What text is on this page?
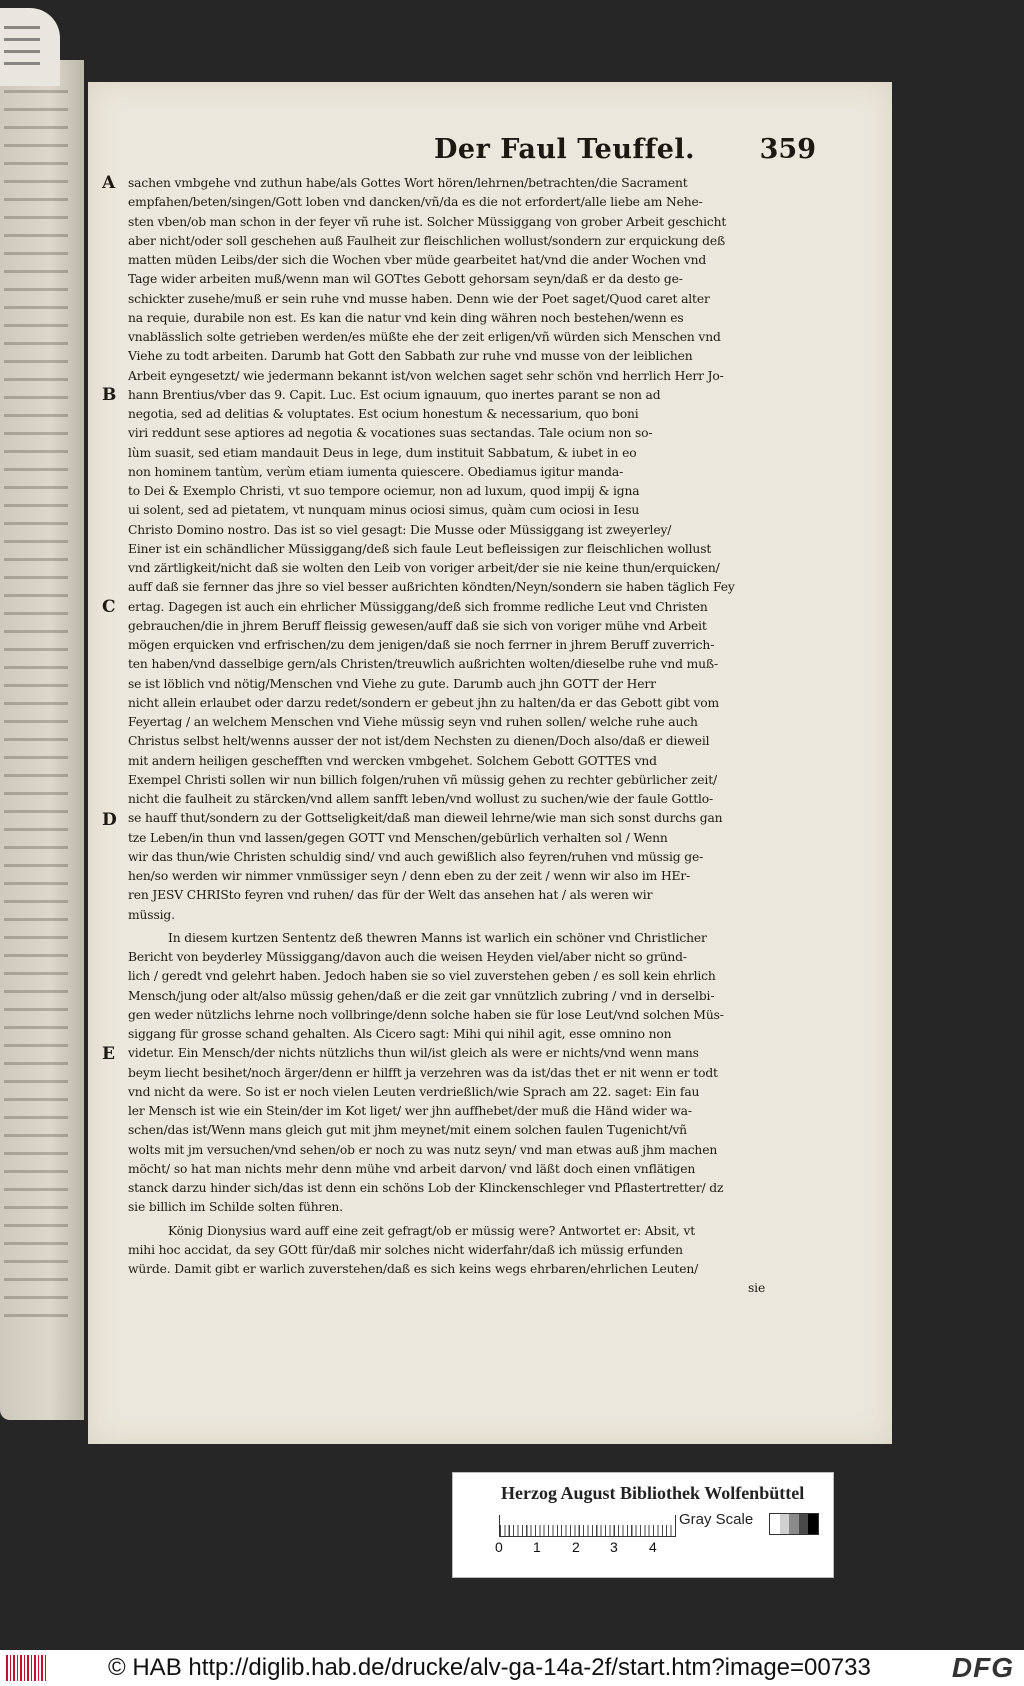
Der Faul Teuffel. 359
A
B
C
D
E
sachen vmbgehe vnd zuthun habe/als Gottes Wort hören/lehrnen/betrachten/die Sacrament
empfahen/beten/singen/Gott loben vnd dancken/vñ/da es die not erfordert/alle liebe am Nehe-
sten vben/ob man schon in der feyer vñ ruhe ist. Solcher Müssiggang von grober Arbeit geschicht
aber nicht/oder soll geschehen auß Faulheit zur fleischlichen wollust/sondern zur erquickung deß
matten müden Leibs/der sich die Wochen vber müde gearbeitet hat/vnd die ander Wochen vnd
Tage wider arbeiten muß/wenn man wil GOTtes Gebott gehorsam seyn/daß er da desto ge-
schickter zusehe/muß er sein ruhe vnd musse haben. Denn wie der Poet saget/Quod caret alter
na requie, durabile non est. Es kan die natur vnd kein ding währen noch bestehen/wenn es
vnablässlich solte getrieben werden/es müßte ehe der zeit erligen/vñ würden sich Menschen vnd
Viehe zu todt arbeiten. Darumb hat Gott den Sabbath zur ruhe vnd musse von der leiblichen
Arbeit eyngesetzt/ wie jedermann bekannt ist/von welchen saget sehr schön vnd herrlich Herr Jo-
hann Brentius/vber das 9. Capit. Luc. Est ocium ignauum, quo inertes parant se non ad
negotia, sed ad delitias & voluptates. Est ocium honestum & necessarium, quo boni
viri reddunt sese aptiores ad negotia & vocationes suas sectandas. Tale ocium non so-
lùm suasit, sed etiam mandauit Deus in lege, dum instituit Sabbatum, & iubet in eo
non hominem tantùm, verùm etiam iumenta quiescere. Obediamus igitur manda-
to Dei & Exemplo Christi, vt suo tempore ociemur, non ad luxum, quod impij & igna
ui solent, sed ad pietatem, vt nunquam minus ociosi simus, quàm cum ociosi in Iesu
Christo Domino nostro. Das ist so viel gesagt: Die Musse oder Müssiggang ist zweyerley/
Einer ist ein schändlicher Müssiggang/deß sich faule Leut befleissigen zur fleischlichen wollust
vnd zärtligkeit/nicht daß sie wolten den Leib von voriger arbeit/der sie nie keine thun/erquicken/
auff daß sie fernner das jhre so viel besser außrichten köndten/Neyn/sondern sie haben täglich Fey
ertag. Dagegen ist auch ein ehrlicher Müssiggang/deß sich fromme redliche Leut vnd Christen
gebrauchen/die in jhrem Beruff fleissig gewesen/auff daß sie sich von voriger mühe vnd Arbeit
mögen erquicken vnd erfrischen/zu dem jenigen/daß sie noch ferrner in jhrem Beruff zuverrich-
ten haben/vnd dasselbige gern/als Christen/treuwlich außrichten wolten/dieselbe ruhe vnd muß-
se ist löblich vnd nötig/Menschen vnd Viehe zu gute. Darumb auch jhn GOTT der Herr
nicht allein erlaubet oder darzu redet/sondern er gebeut jhn zu halten/da er das Gebott gibt vom
Feyertag / an welchem Menschen vnd Viehe müssig seyn vnd ruhen sollen/ welche ruhe auch
Christus selbst helt/wenns ausser der not ist/dem Nechsten zu dienen/Doch also/daß er dieweil
mit andern heiligen geschefften vnd wercken vmbgehet. Solchem Gebott GOTTES vnd
Exempel Christi sollen wir nun billich folgen/ruhen vñ müssig gehen zu rechter gebürlicher zeit/
nicht die faulheit zu stärcken/vnd allem sanfft leben/vnd wollust zu suchen/wie der faule Gottlo-
se hauff thut/sondern zu der Gottseligkeit/daß man dieweil lehrne/wie man sich sonst durchs gan
tze Leben/in thun vnd lassen/gegen GOTT vnd Menschen/gebürlich verhalten sol / Wenn
wir das thun/wie Christen schuldig sind/ vnd auch gewißlich also feyren/ruhen vnd müssig ge-
hen/so werden wir nimmer vnmüssiger seyn / denn eben zu der zeit / wenn wir also im HEr-
ren JESV CHRISto feyren vnd ruhen/ das für der Welt das ansehen hat / als weren wir
müssig.
In diesem kurtzen Sententz deß thewren Manns ist warlich ein schöner vnd Christlicher
Bericht von beyderley Müssiggang/davon auch die weisen Heyden viel/aber nicht so gründ-
lich / geredt vnd gelehrt haben. Jedoch haben sie so viel zuverstehen geben / es soll kein ehrlich
Mensch/jung oder alt/also müssig gehen/daß er die zeit gar vnnützlich zubring / vnd in derselbi-
gen weder nützlichs lehrne noch vollbringe/denn solche haben sie für lose Leut/vnd solchen Müs-
siggang für grosse schand gehalten. Als Cicero sagt: Mihi qui nihil agit, esse omnino non
videtur. Ein Mensch/der nichts nützlichs thun wil/ist gleich als were er nichts/vnd wenn mans
beym liecht besihet/noch ärger/denn er hilfft ja verzehren was da ist/das thet er nit wenn er todt
vnd nicht da were. So ist er noch vielen Leuten verdrießlich/wie Sprach am 22. saget: Ein fau
ler Mensch ist wie ein Stein/der im Kot liget/ wer jhn auffhebet/der muß die Händ wider wa-
schen/das ist/Wenn mans gleich gut mit jhm meynet/mit einem solchen faulen Tugenicht/vñ
wolts mit jm versuchen/vnd sehen/ob er noch zu was nutz seyn/ vnd man etwas auß jhm machen
möcht/ so hat man nichts mehr denn mühe vnd arbeit darvon/ vnd läßt doch einen vnflätigen
stanck darzu hinder sich/das ist denn ein schöns Lob der Klinckenschleger vnd Pflastertretter/ dz
sie billich im Schilde solten führen.
König Dionysius ward auff eine zeit gefragt/ob er müssig were? Antwortet er: Absit, vt
mihi hoc accidat, da sey GOtt für/daß mir solches nicht widerfahr/daß ich müssig erfunden
würde. Damit gibt er warlich zuverstehen/daß es sich keins wegs ehrbaren/ehrlichen Leuten/
sie
Herzog August Bibliothek Wolfenbüttel
0 1 2 3 4
Gray Scale
© HAB http://diglib.hab.de/drucke/alv-ga-14a-2f/start.htm?image=00733	DFG
